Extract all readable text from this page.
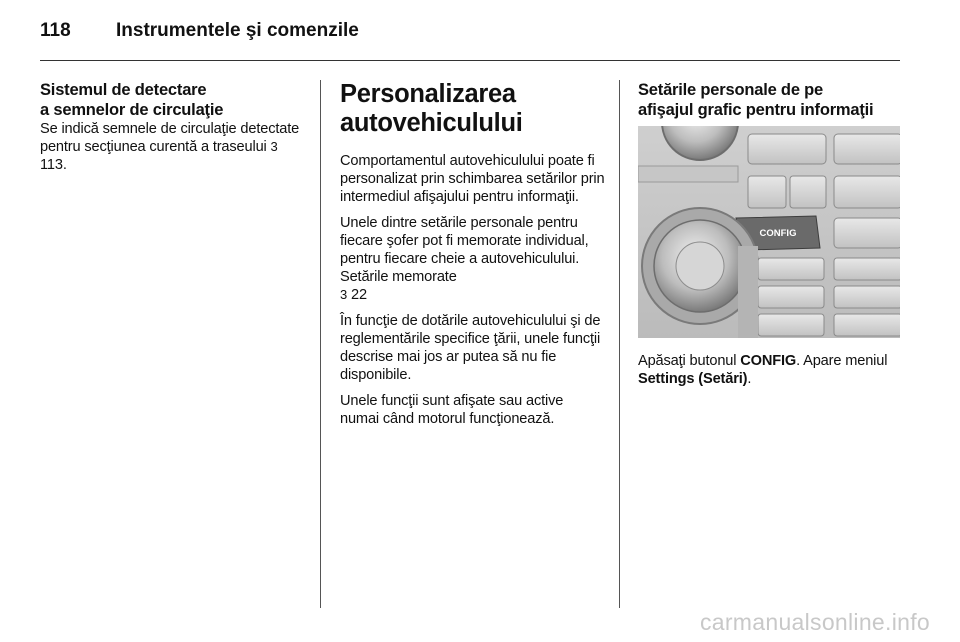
118 Instrumentele şi comenzile
Sistemul de detectare
a semnelor de circulaţie

Se indică semnele de circulaţie detectate pentru secţiunea curentă a traseului 3 113.

Personalizarea
autovehiculului

Comportamentul autovehiculului poate fi personalizat prin schimbarea setărilor prin intermediul afişajului pentru informaţii.

Unele dintre setările personale pentru fiecare şofer pot fi memorate individual, pentru fiecare cheie a autovehiculului. Setările memorate
3 22

În funcţie de dotările autovehiculului şi de reglementările specifice ţării, unele funcţii descrise mai jos ar putea să nu fie disponibile.

Unele funcţii sunt afişate sau active numai când motorul funcţionează.

Setările personale de pe
afişajul grafic pentru informaţii
CONFIG

Apăsaţi butonul CONFIG. Apare meniul Settings (Setări).

carmanualsonline.info
